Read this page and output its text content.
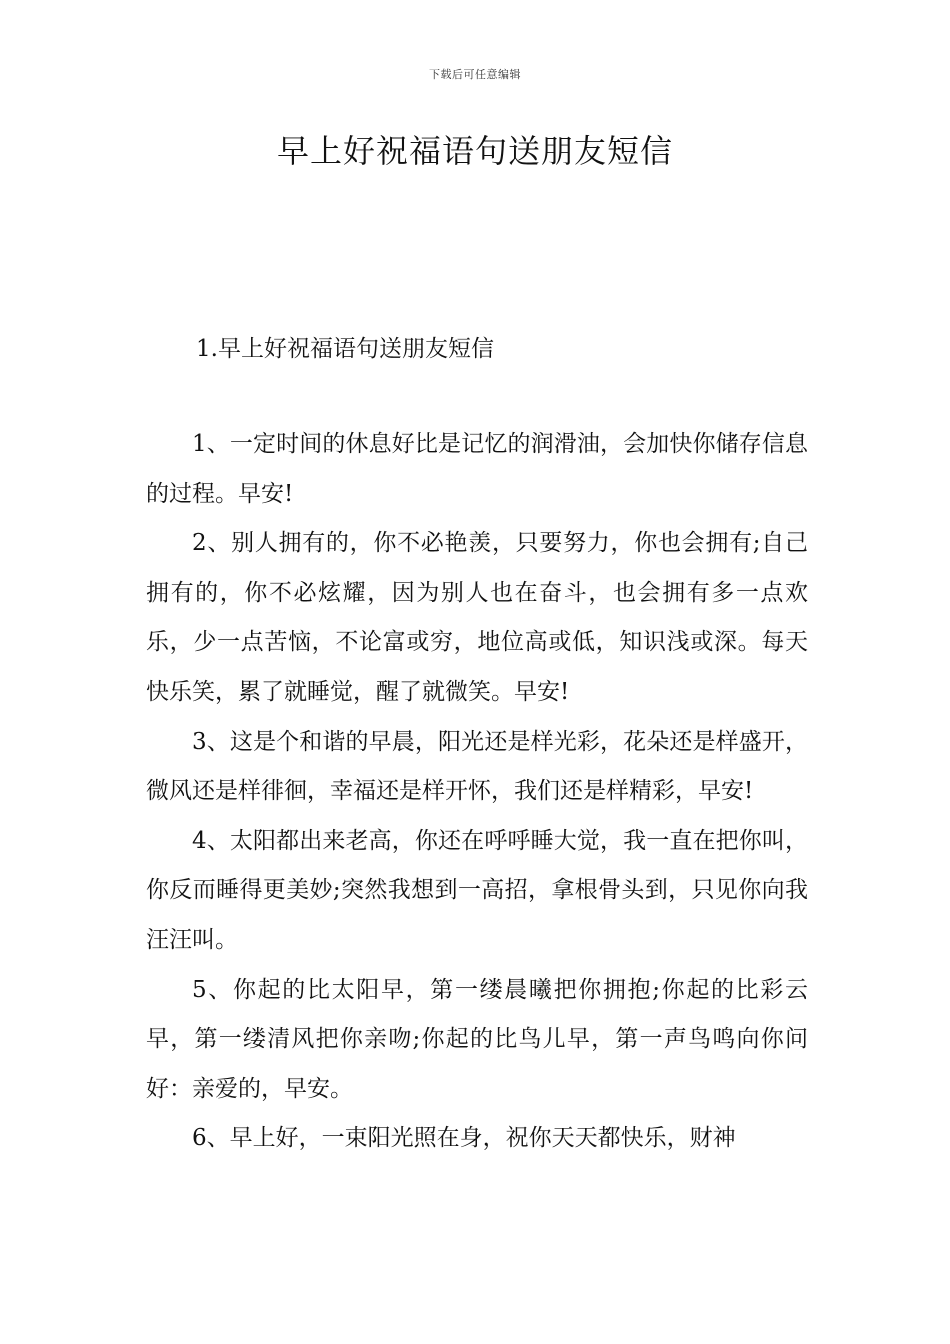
下载后可任意编辑
早上好祝福语句送朋友短信
1.早上好祝福语句送朋友短信

1、一定时间的休息好比是记忆的润滑油，会加快你储存信息的过程。早安!

2、别人拥有的，你不必艳羡，只要努力，你也会拥有;自己拥有的，你不必炫耀，因为别人也在奋斗，也会拥有多一点欢乐，少一点苦恼，不论富或穷，地位高或低，知识浅或深。每天快乐笑，累了就睡觉，醒了就微笑。早安!

3、这是个和谐的早晨，阳光还是样光彩，花朵还是样盛开，微风还是样徘徊，幸福还是样开怀，我们还是样精彩，早安!

4、太阳都出来老高，你还在呼呼睡大觉，我一直在把你叫，你反而睡得更美妙;突然我想到一高招，拿根骨头到，只见你向我汪汪叫。

5、你起的比太阳早，第一缕晨曦把你拥抱;你起的比彩云早，第一缕清风把你亲吻;你起的比鸟儿早，第一声鸟鸣向你问好：亲爱的，早安。

6、早上好，一束阳光照在身，祝你天天都快乐，财神
